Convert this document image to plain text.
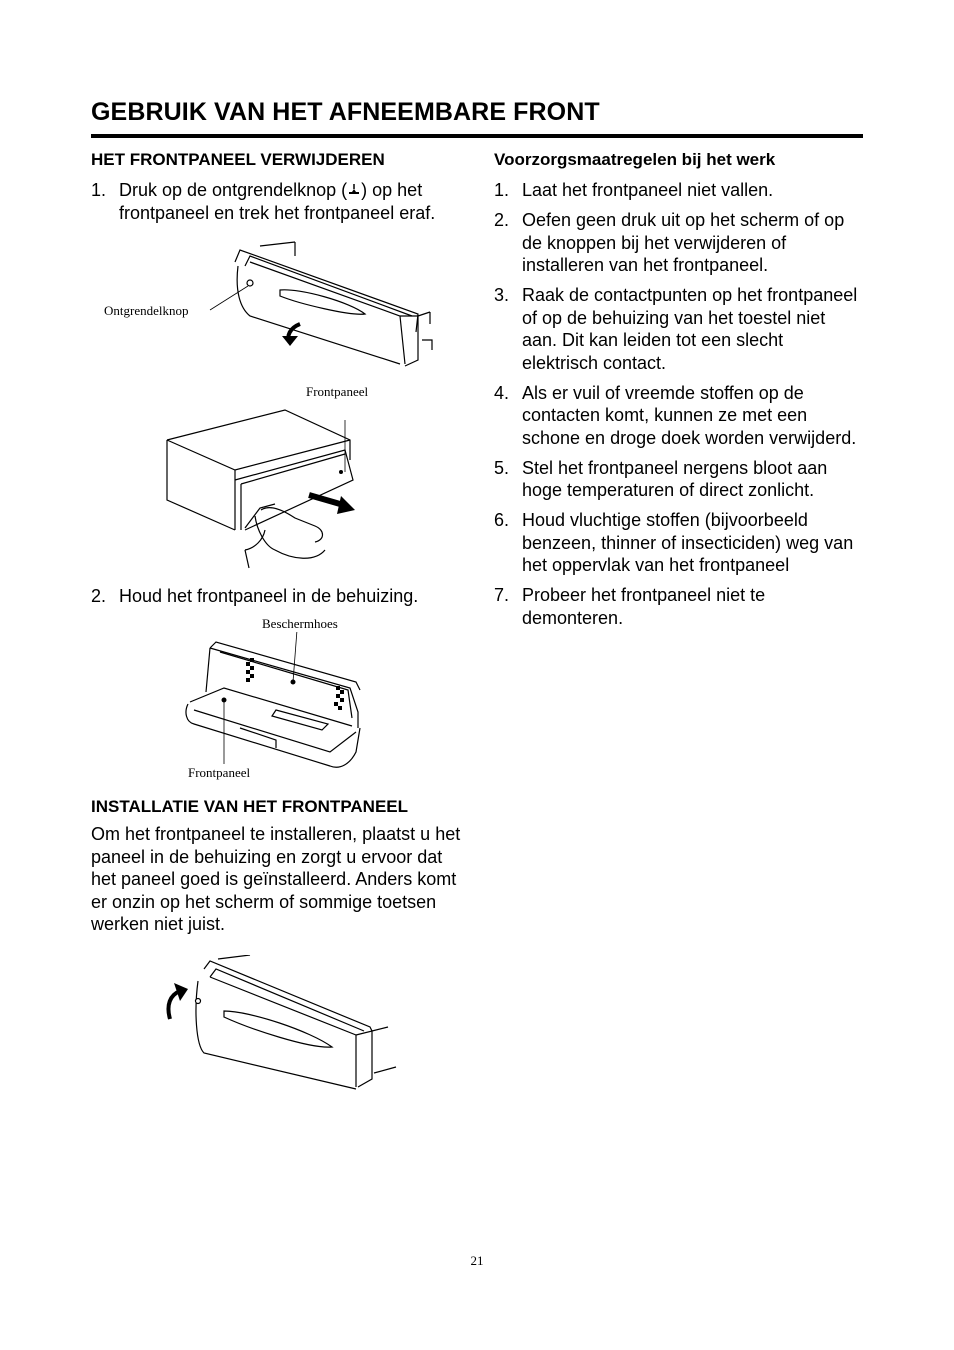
GEBRUIK VAN HET AFNEEMBARE FRONT
HET FRONTPANEEL VERWIJDEREN
1. Druk op de ontgrendelknop ( ) op het frontpaneel en trek het frontpaneel eraf.
Ontgrendelknop
Frontpaneel
2. Houd het frontpaneel in de behuizing.
Beschermhoes
Frontpaneel
INSTALLATIE VAN HET FRONTPANEEL

Om het frontpaneel te installeren, plaatst u het paneel in de behuizing en zorgt u ervoor dat het paneel goed is geïnstalleerd. Anders komt er onzin op het scherm of sommige toetsen werken niet juist.

Voorzorgsmaatregelen bij het werk
1. Laat het frontpaneel niet vallen.
2. Oefen geen druk uit op het scherm of op de knoppen bij het verwijderen of installeren van het frontpaneel.
3. Raak de contactpunten op het frontpaneel of op de behuizing van het toestel niet aan. Dit kan leiden tot een slecht elektrisch contact.
4. Als er vuil of vreemde stoffen op de contacten komt, kunnen ze met een schone en droge doek worden verwijderd.
5. Stel het frontpaneel nergens bloot aan hoge temperaturen of direct zonlicht.
6. Houd vluchtige stoffen (bijvoorbeeld benzeen, thinner of insecticiden) weg van het oppervlak van het frontpaneel
7. Probeer het frontpaneel niet te demonteren.
21
